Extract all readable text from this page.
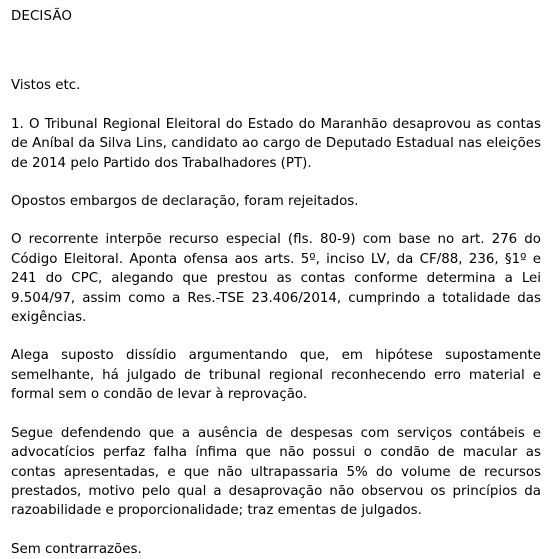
DECISÃO

Vistos etc.

1. O Tribunal Regional Eleitoral do Estado do Maranhão desaprovou as contas de Aníbal da Silva Lins, candidato ao cargo de Deputado Estadual nas eleições de 2014 pelo Partido dos Trabalhadores (PT).

Opostos embargos de declaração, foram rejeitados.

O recorrente interpõe recurso especial (fls. 80-9) com base no art. 276 do Código Eleitoral. Aponta ofensa aos arts. 5º, inciso LV, da CF/88, 236, §1º e 241 do CPC, alegando que prestou as contas conforme determina a Lei 9.504/97, assim como a Res.-TSE 23.406/2014, cumprindo a totalidade das exigências.

Alega suposto dissídio argumentando que, em hipótese supostamente semelhante, há julgado de tribunal regional reconhecendo erro material e formal sem o condão de levar à reprovação.

Segue defendendo que a ausência de despesas com serviços contábeis e advocatícios perfaz falha ínfima que não possui o condão de macular as contas apresentadas, e que não ultrapassaria 5% do volume de recursos prestados, motivo pelo qual a desaprovação não observou os princípios da razoabilidade e proporcionalidade; traz ementas de julgados.

Sem contrarrazões.
